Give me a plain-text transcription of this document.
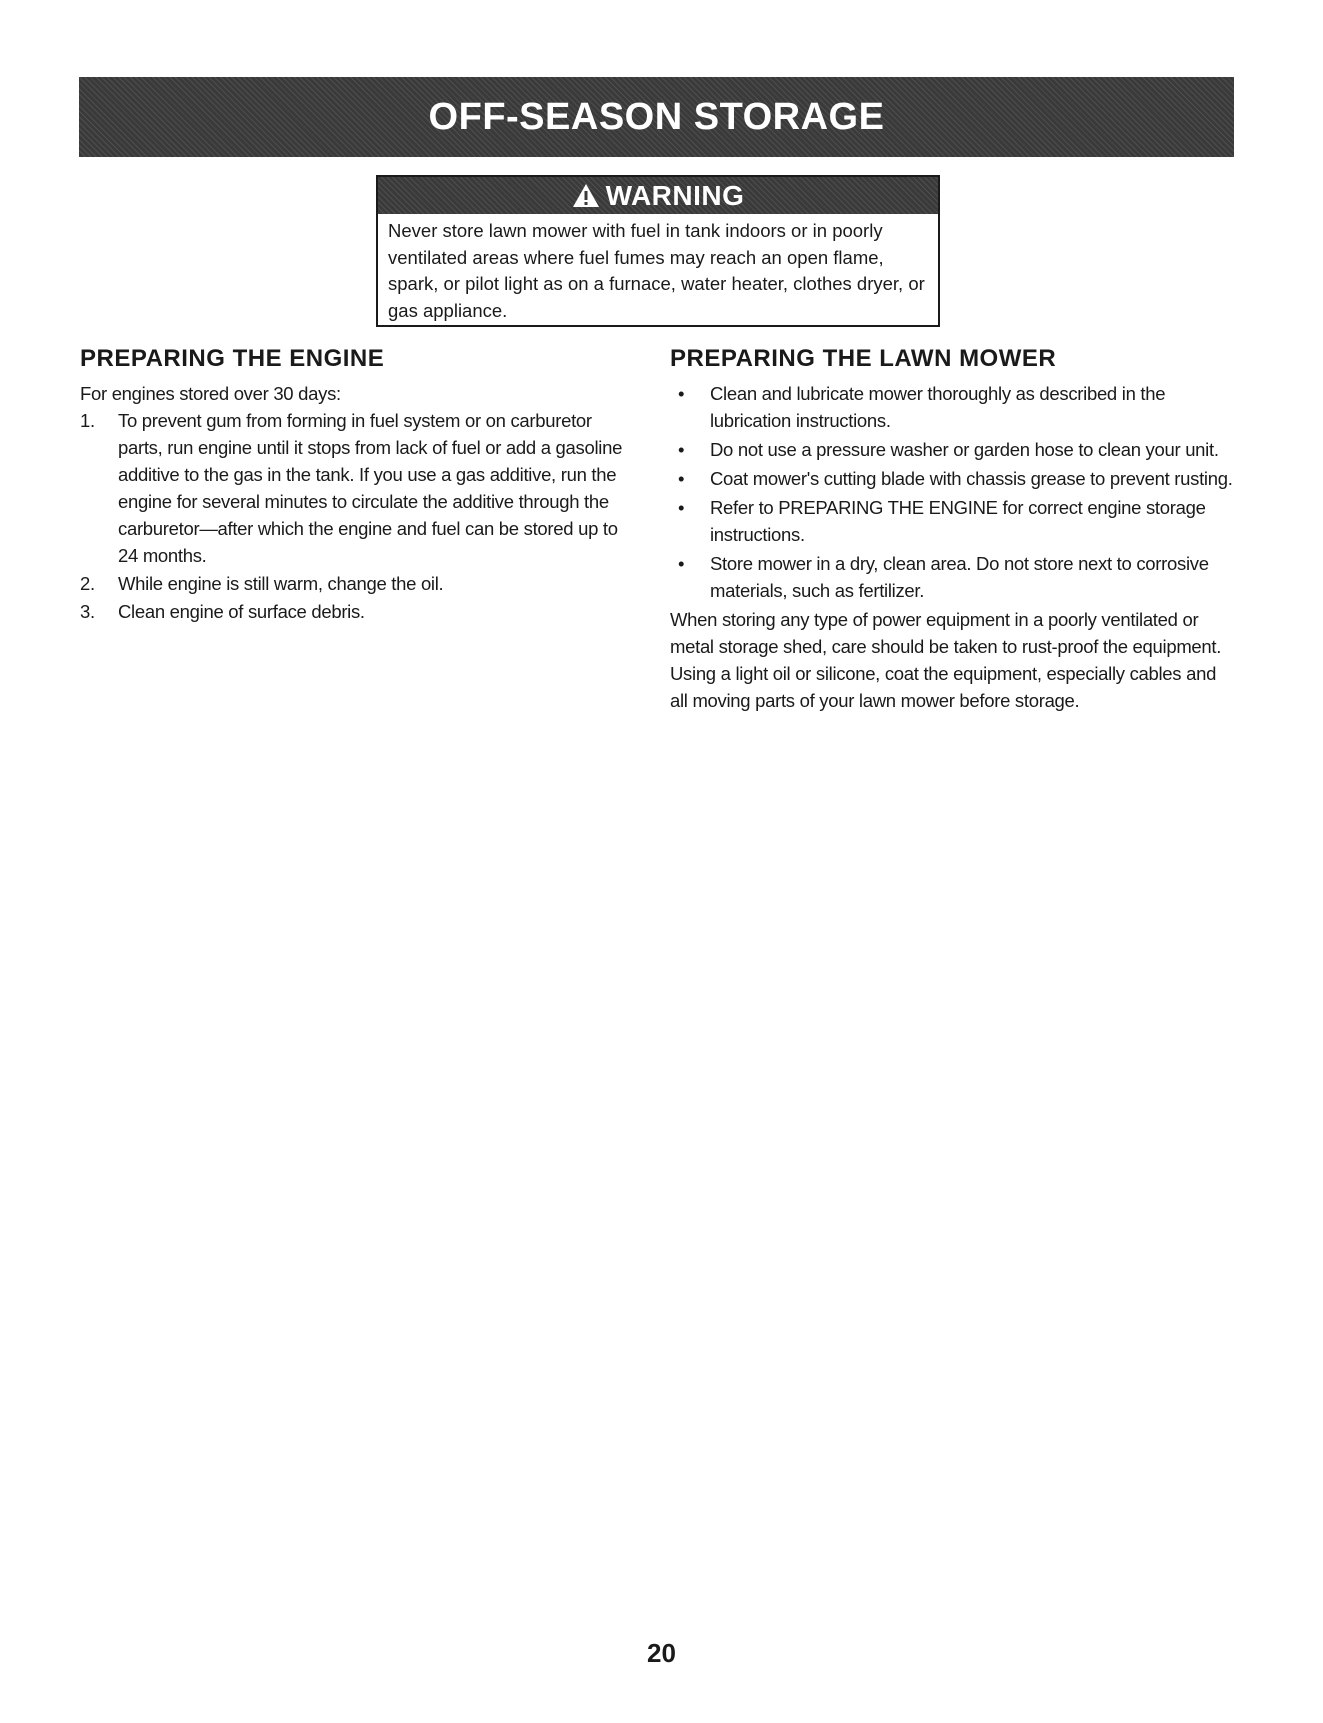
OFF-SEASON STORAGE
WARNING

Never store lawn mower with fuel in tank indoors or in poorly ventilated areas where fuel fumes may reach an open flame, spark, or pilot light as on a furnace, water heater, clothes dryer, or gas appliance.

PREPARING THE ENGINE

For engines stored over 30 days:

1. To prevent gum from forming in fuel system or on carburetor parts, run engine until it stops from lack of fuel or add a gasoline additive to the gas in the tank. If you use a gas additive, run the engine for several minutes to circulate the additive through the carburetor—after which the engine and fuel can be stored up to 24 months.
2. While engine is still warm, change the oil.
3. Clean engine of surface debris.
PREPARING THE LAWN MOWER
• Clean and lubricate mower thoroughly as described in the lubrication instructions.
• Do not use a pressure washer or garden hose to clean your unit.
• Coat mower's cutting blade with chassis grease to prevent rusting.
• Refer to PREPARING THE ENGINE for correct engine storage instructions.
• Store mower in a dry, clean area. Do not store next to corrosive materials, such as fertilizer.

When storing any type of power equipment in a poorly ventilated or metal storage shed, care should be taken to rust-proof the equipment. Using a light oil or silicone, coat the equipment, especially cables and all moving parts of your lawn mower before storage.

20
